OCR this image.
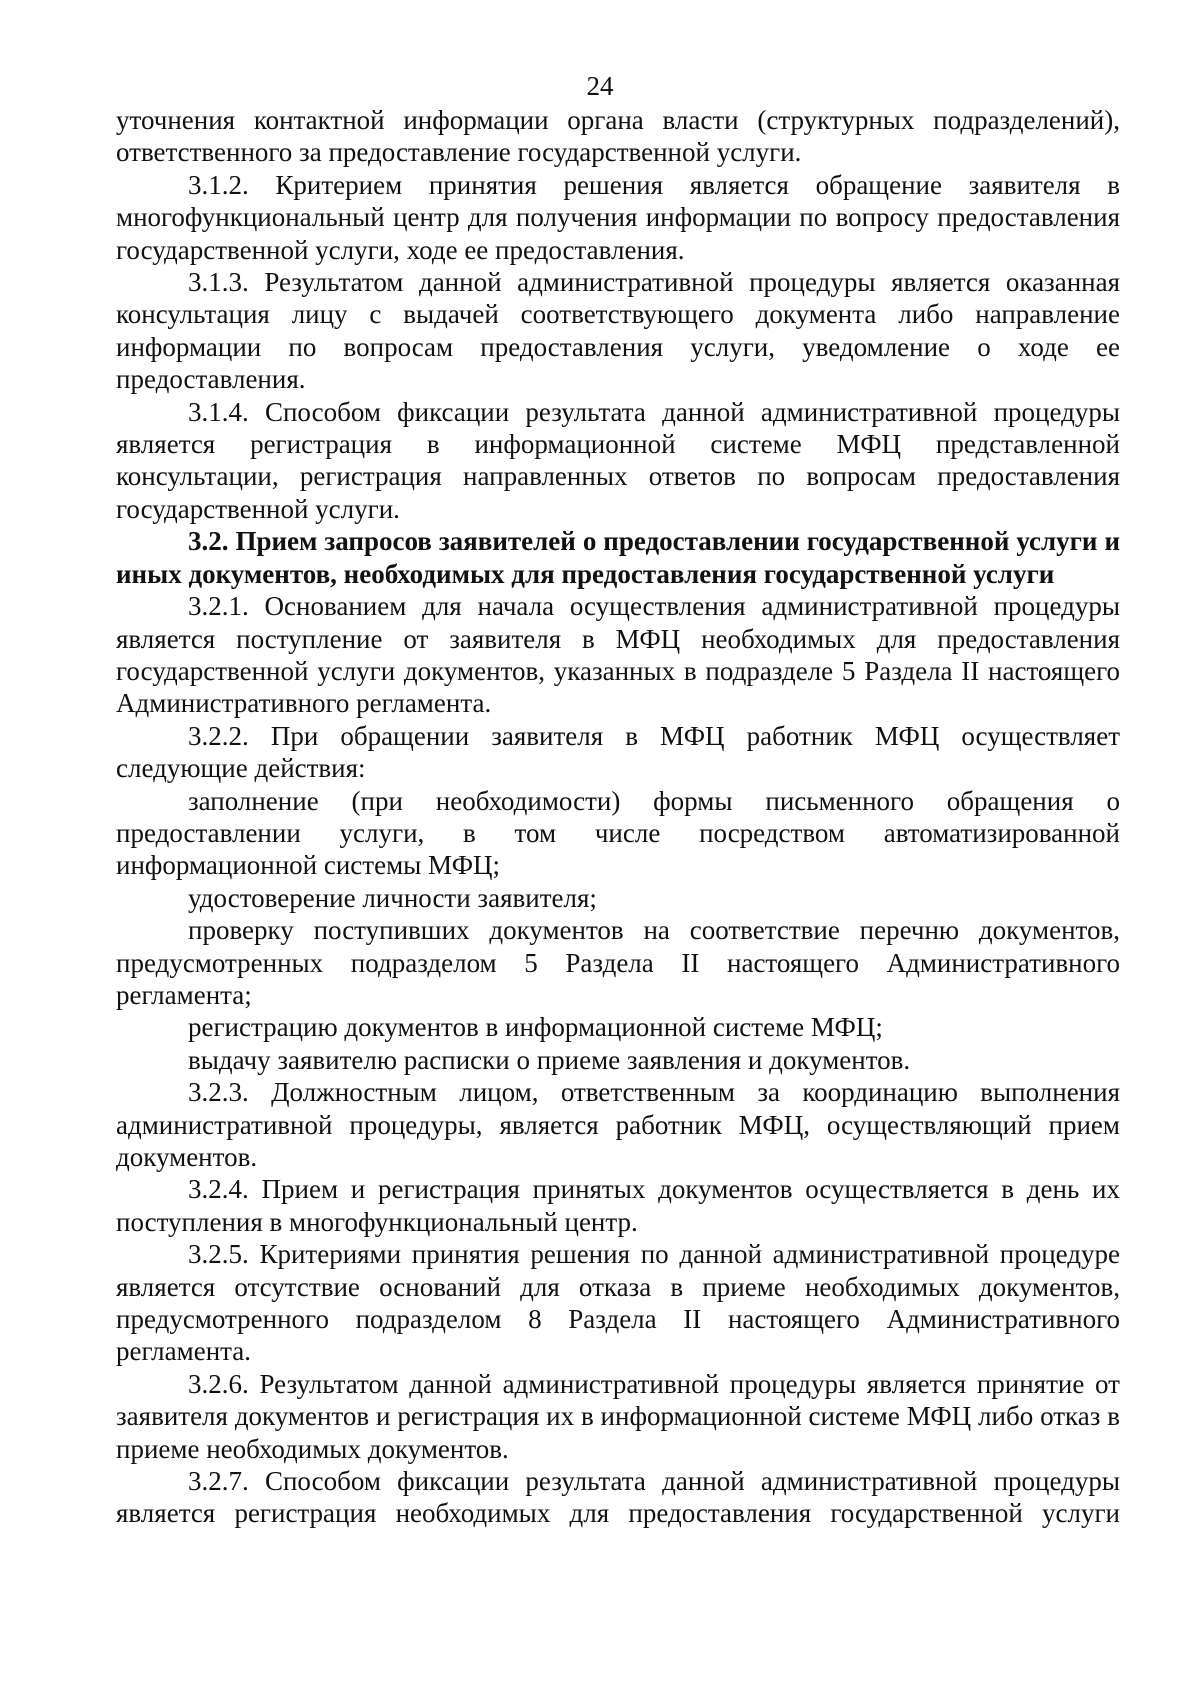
24

уточнения контактной информации органа власти (структурных подразделений), ответственного за предоставление государственной услуги.

3.1.2. Критерием принятия решения является обращение заявителя в многофункциональный центр для получения информации по вопросу предоставления государственной услуги, ходе ее предоставления.

3.1.3. Результатом данной административной процедуры является оказанная консультация лицу с выдачей соответствующего документа либо направление информации по вопросам предоставления услуги, уведомление о ходе ее предоставления.

3.1.4. Способом фиксации результата данной административной процедуры является регистрация в информационной системе МФЦ представленной консультации, регистрация направленных ответов по вопросам предоставления государственной услуги.

3.2. Прием запросов заявителей о предоставлении государственной услуги и иных документов, необходимых для предоставления государственной услуги

3.2.1. Основанием для начала осуществления административной процедуры является поступление от заявителя в МФЦ необходимых для предоставления государственной услуги документов, указанных в подразделе 5 Раздела II настоящего Административного регламента.

3.2.2. При обращении заявителя в МФЦ работник МФЦ осуществляет следующие действия:

заполнение (при необходимости) формы письменного обращения о предоставлении услуги, в том числе посредством автоматизированной информационной системы МФЦ;

удостоверение личности заявителя;

проверку поступивших документов на соответствие перечню документов, предусмотренных подразделом 5 Раздела II настоящего Административного регламента;

регистрацию документов в информационной системе МФЦ;

выдачу заявителю расписки о приеме заявления и документов.

3.2.3. Должностным лицом, ответственным за координацию выполнения административной процедуры, является работник МФЦ, осуществляющий прием документов.

3.2.4. Прием и регистрация принятых документов осуществляется в день их поступления в многофункциональный центр.

3.2.5. Критериями принятия решения по данной административной процедуре является отсутствие оснований для отказа в приеме необходимых документов, предусмотренного подразделом 8 Раздела II настоящего Административного регламента.

3.2.6. Результатом данной административной процедуры является принятие от заявителя документов и регистрация их в информационной системе МФЦ либо отказ в приеме необходимых документов.

3.2.7. Способом фиксации результата данной административной процедуры является регистрация необходимых для предоставления государственной услуги
